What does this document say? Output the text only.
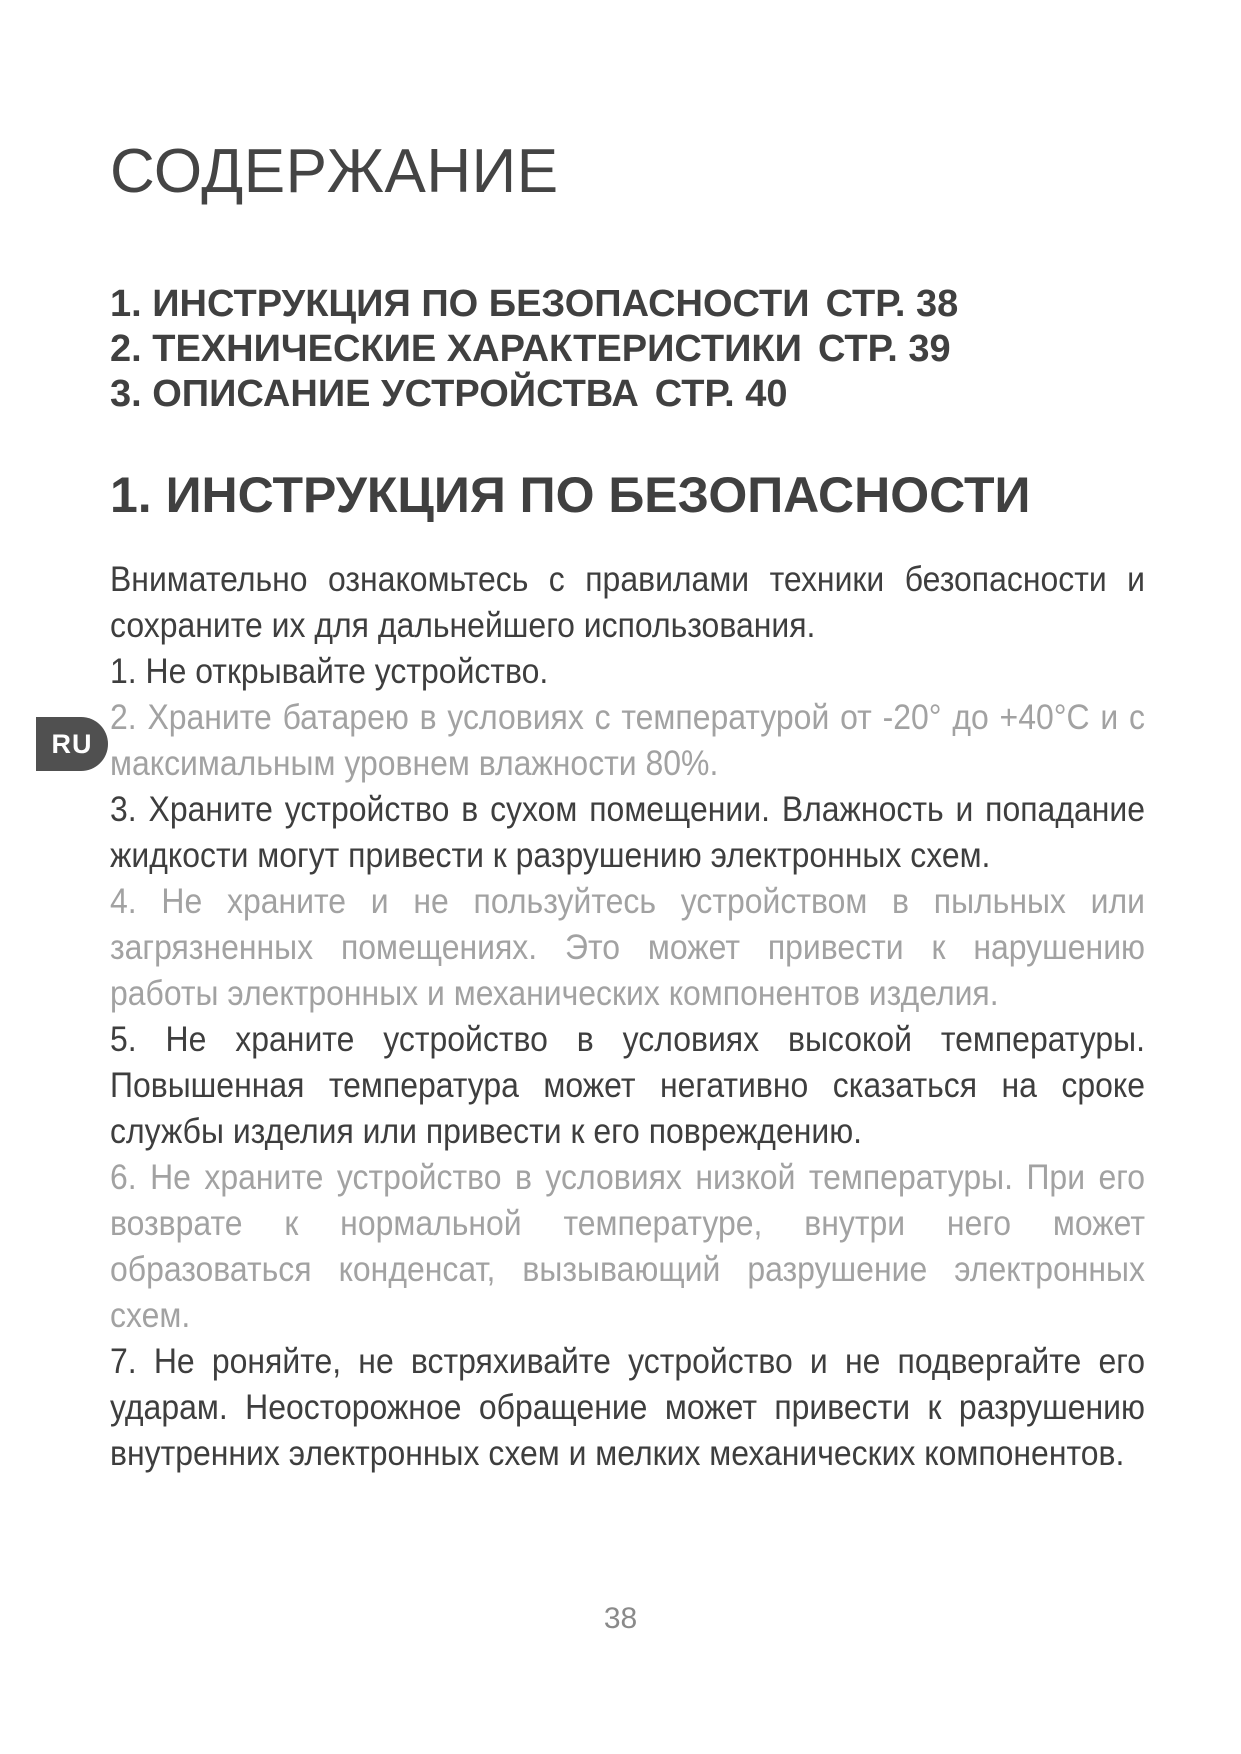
СОДЕРЖАНИЕ
1. ИНСТРУКЦИЯ ПО БЕЗОПАСНОСТИ СТР. 38
2. ТЕХНИЧЕСКИЕ ХАРАКТЕРИСТИКИ СТР. 39
3. ОПИСАНИЕ УСТРОЙСТВА СТР. 40
1. ИНСТРУКЦИЯ ПО БЕЗОПАСНОСТИ

Внимательно ознакомьтесь с правилами техники безопасности и сохраните их для дальнейшего использования.

1. Не открывайте устройство.

2. Храните батарею в условиях с температурой от -20° до +40°С и с максимальным уровнем влажности 80%.

3. Храните устройство в сухом помещении. Влажность и попадание жидкости могут привести к разрушению электронных схем.

4. Не храните и не пользуйтесь устройством в пыльных или загрязненных помещениях. Это может привести к нарушению работы электронных и механических компонентов изделия.

5. Не храните устройство в условиях высокой температуры. Повышенная температура может негативно сказаться на сроке службы изделия или привести к его повреждению.

6. Не храните устройство в условиях низкой температуры. При его возврате к нормальной температуре, внутри него может образоваться конденсат, вызывающий разрушение электронных схем.

7. Не роняйте, не встряхивайте устройство и не подвергайте его ударам. Неосторожное обращение может привести к разрушению внутренних электронных схем и мелких механических компонентов.

RU
38
